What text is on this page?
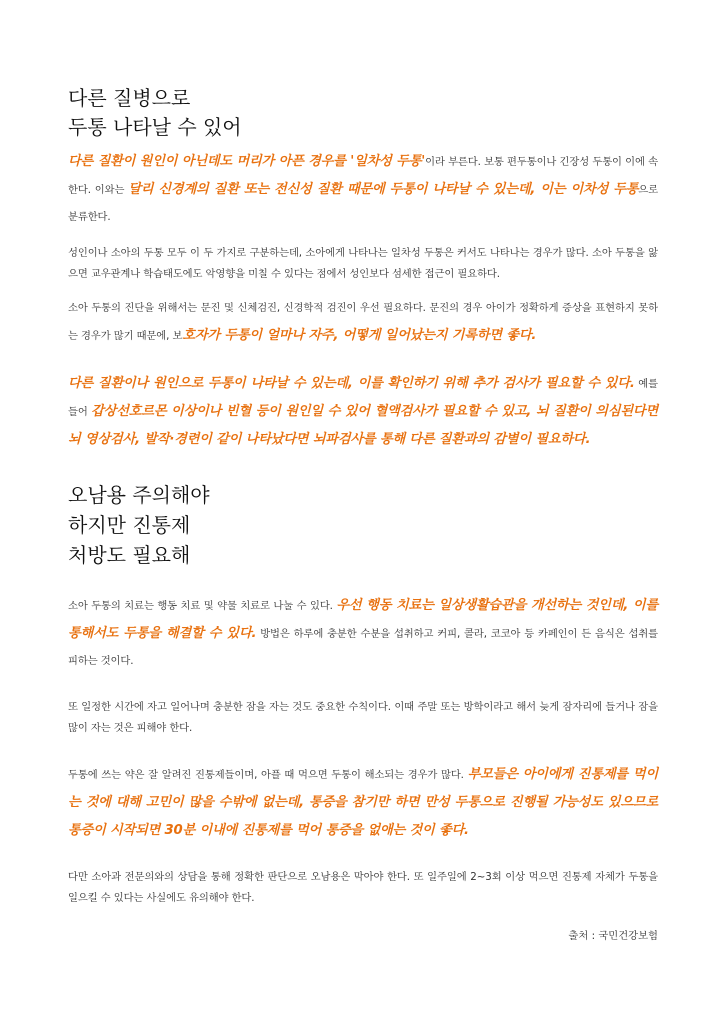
다른 질병으로
두통 나타날 수 있어

다른 질환이 원인이 아닌데도 머리가 아픈 경우를 '일차성 두통'이라 부른다. 보통 편두통이나 긴장성 두통이 이에 속한다. 이와는 달리 신경계의 질환 또는 전신성 질환 때문에 두통이 나타날 수 있는데, 이는 이차성 두통으로 분류한다.

성인이나 소아의 두통 모두 이 두 가지로 구분하는데, 소아에게 나타나는 일차성 두통은 커서도 나타나는 경우가 많다. 소아 두통을 앓으면 교우관계나 학습태도에도 악영향을 미칠 수 있다는 점에서 성인보다 섬세한 접근이 필요하다.

소아 두통의 진단을 위해서는 문진 및 신체검진, 신경학적 검진이 우선 필요하다. 문진의 경우 아이가 정확하게 증상을 표현하지 못하는 경우가 많기 때문에, 보호자가 두통이 얼마나 자주, 어떻게 일어났는지 기록하면 좋다.

다른 질환이나 원인으로 두통이 나타날 수 있는데, 이를 확인하기 위해 추가 검사가 필요할 수 있다. 예를 들어 갑상선호르몬 이상이나 빈혈 등이 원인일 수 있어 혈액검사가 필요할 수 있고, 뇌 질환이 의심된다면 뇌 영상검사, 발작·경련이 같이 나타났다면 뇌파검사를 통해 다른 질환과의 감별이 필요하다.

오남용 주의해야
하지만 진통제
처방도 필요해

소아 두통의 치료는 행동 치료 및 약물 치료로 나눌 수 있다. 우선 행동 치료는 일상생활습관을 개선하는 것인데, 이를 통해서도 두통을 해결할 수 있다. 방법은 하루에 충분한 수분을 섭취하고 커피, 콜라, 코코아 등 카페인이 든 음식은 섭취를 피하는 것이다.

또 일정한 시간에 자고 일어나며 충분한 잠을 자는 것도 중요한 수칙이다. 이때 주말 또는 방학이라고 해서 늦게 잠자리에 들거나 잠을 많이 자는 것은 피해야 한다.

두통에 쓰는 약은 잘 알려진 진통제들이며, 아플 때 먹으면 두통이 해소되는 경우가 많다. 부모들은 아이에게 진통제를 먹이는 것에 대해 고민이 많을 수밖에 없는데, 통증을 참기만 하면 만성 두통으로 진행될 가능성도 있으므로 통증이 시작되면 30분 이내에 진통제를 먹어 통증을 없애는 것이 좋다.

다만 소아과 전문의와의 상담을 통해 정확한 판단으로 오남용은 막아야 한다. 또 일주일에 2~3회 이상 먹으면 진통제 자체가 두통을 일으킬 수 있다는 사실에도 유의해야 한다.

출처 : 국민건강보험
